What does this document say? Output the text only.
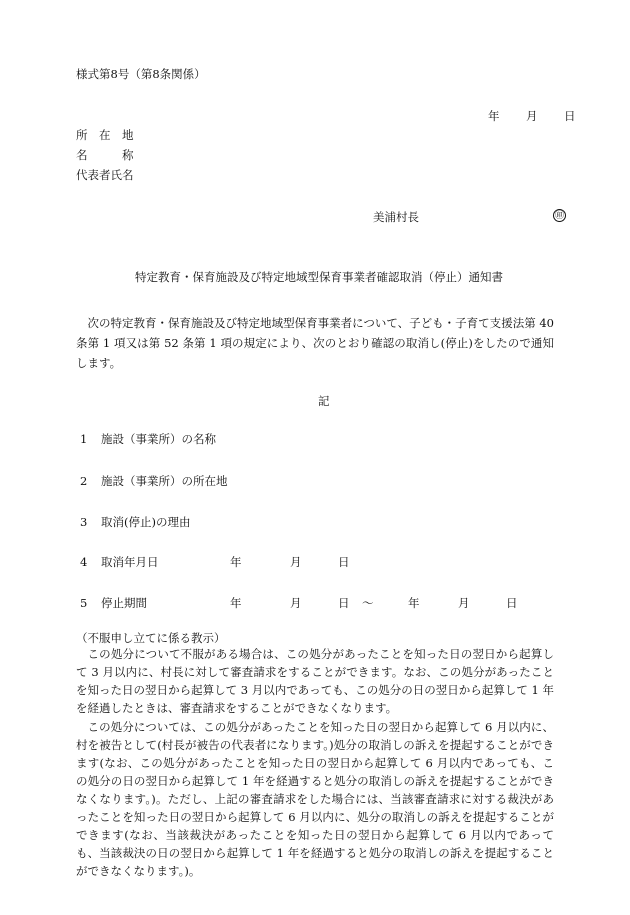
様式第8号（第8条関係）
年 月 日
所　在　地
名　　　称
代表者氏名
美浦村長	㊞
特定教育・保育施設及び特定地域型保育事業者確認取消（停止）通知書
次の特定教育・保育施設及び特定地域型保育事業者について、子ども・子育て支援法第 40 条第 1 項又は第 52 条第 1 項の規定により、次のとおり確認の取消し(停止)をしたので通知します。
記
1 施設（事業所）の名称
2 施設（事業所）の所在地
3 取消(停止)の理由
4 取消年月日	年	月	日
5 停止期間	年	月	日 ～	年	月	日
（不服申し立てに係る教示）
この処分について不服がある場合は、この処分があったことを知った日の翌日から起算して 3 月以内に、村長に対して審査請求をすることができます。なお、この処分があったことを知った日の翌日から起算して 3 月以内であっても、この処分の日の翌日から起算して 1 年を経過したときは、審査請求をすることができなくなります。
この処分については、この処分があったことを知った日の翌日から起算して 6 月以内に、村を被告として(村長が被告の代表者になります。)処分の取消しの訴えを提起することができます(なお、この処分があったことを知った日の翌日から起算して 6 月以内であっても、この処分の日の翌日から起算して 1 年を経過すると処分の取消しの訴えを提起することができなくなります。)。ただし、上記の審査請求をした場合には、当該審査請求に対する裁決があったことを知った日の翌日から起算して 6 月以内に、処分の取消しの訴えを提起することができます(なお、当該裁決があったことを知った日の翌日から起算して 6 月以内であっても、当該裁決の日の翌日から起算して 1 年を経過すると処分の取消しの訴えを提起することができなくなります。)。
